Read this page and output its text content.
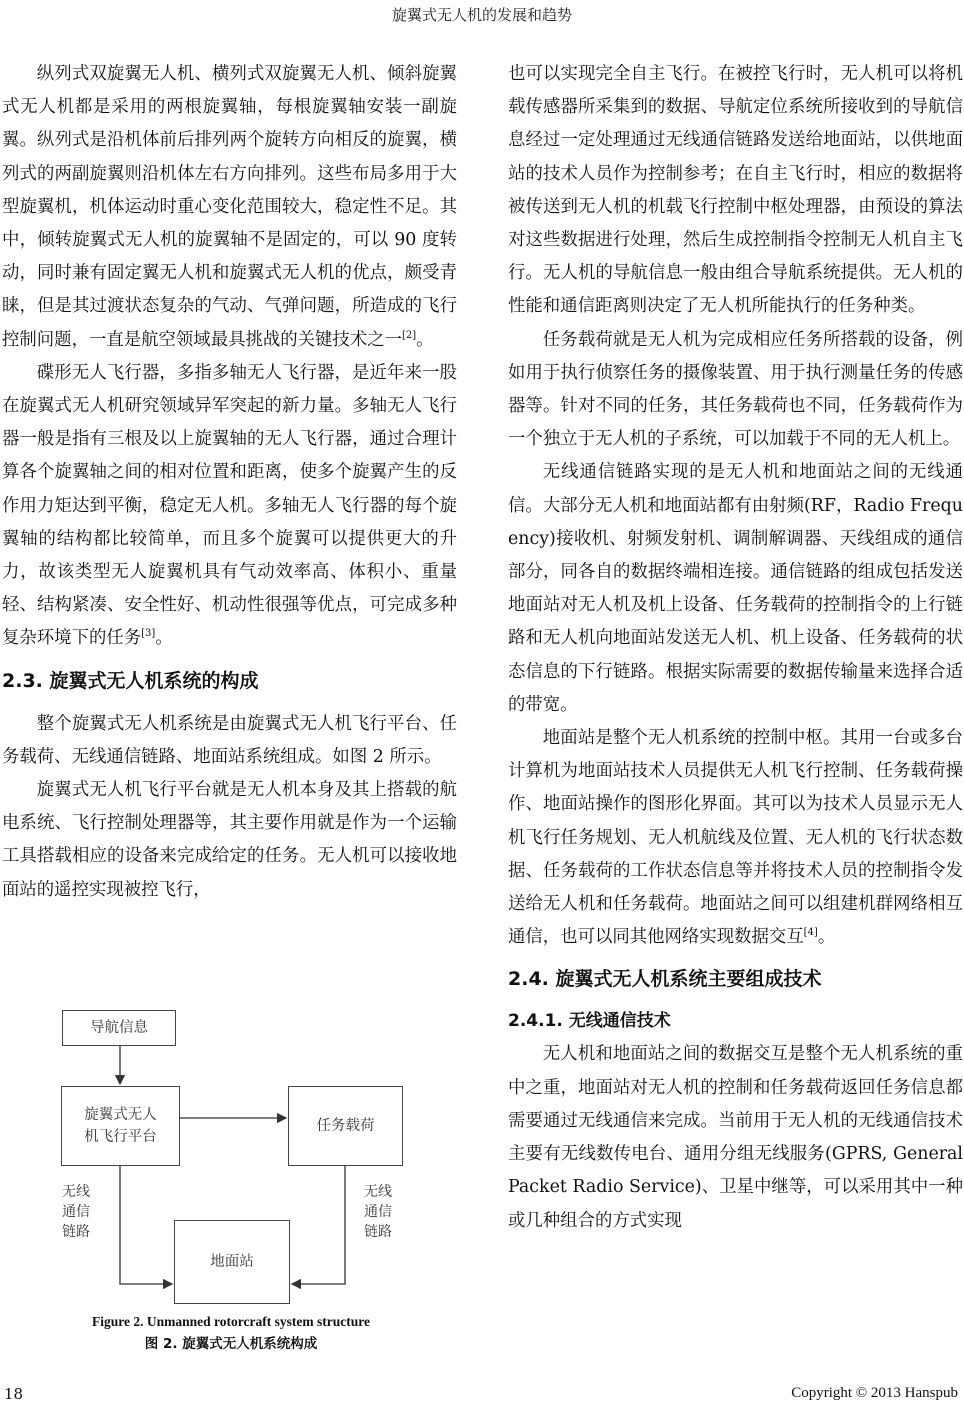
旋翼式无人机的发展和趋势

纵列式双旋翼无人机、横列式双旋翼无人机、倾斜旋翼式无人机都是采用的两根旋翼轴，每根旋翼轴安装一副旋翼。纵列式是沿机体前后排列两个旋转方向相反的旋翼，横列式的两副旋翼则沿机体左右方向排列。这些布局多用于大型旋翼机，机体运动时重心变化范围较大，稳定性不足。其中，倾转旋翼式无人机的旋翼轴不是固定的，可以 90 度转动，同时兼有固定翼无人机和旋翼式无人机的优点，颇受青睐，但是其过渡状态复杂的气动、气弹问题，所造成的飞行控制问题，一直是航空领域最具挑战的关键技术之一[2]。

碟形无人飞行器，多指多轴无人飞行器，是近年来一股在旋翼式无人机研究领域异军突起的新力量。多轴无人飞行器一般是指有三根及以上旋翼轴的无人飞行器，通过合理计算各个旋翼轴之间的相对位置和距离，使多个旋翼产生的反作用力矩达到平衡，稳定无人机。多轴无人飞行器的每个旋翼轴的结构都比较简单，而且多个旋翼可以提供更大的升力，故该类型无人旋翼机具有气动效率高、体积小、重量轻、结构紧凑、安全性好、机动性很强等优点，可完成多种复杂环境下的任务[3]。

2.3. 旋翼式无人机系统的构成

整个旋翼式无人机系统是由旋翼式无人机飞行平台、任务载荷、无线通信链路、地面站系统组成。如图 2 所示。

旋翼式无人机飞行平台就是无人机本身及其上搭载的航电系统、飞行控制处理器等，其主要作用就是作为一个运输工具搭载相应的设备来完成给定的任务。无人机可以接收地面站的遥控实现被控飞行，

导航信息
旋翼式无人
机飞行平台
任务载荷
地面站
无线
通信
链路
无线
通信
链路
Figure 2. Unmanned rotorcraft system structure
图 2. 旋翼式无人机系统构成

也可以实现完全自主飞行。在被控飞行时，无人机可以将机载传感器所采集到的数据、导航定位系统所接收到的导航信息经过一定处理通过无线通信链路发送给地面站，以供地面站的技术人员作为控制参考；在自主飞行时，相应的数据将被传送到无人机的机载飞行控制中枢处理器，由预设的算法对这些数据进行处理，然后生成控制指令控制无人机自主飞行。无人机的导航信息一般由组合导航系统提供。无人机的性能和通信距离则决定了无人机所能执行的任务种类。

任务载荷就是无人机为完成相应任务所搭载的设备，例如用于执行侦察任务的摄像装置、用于执行测量任务的传感器等。针对不同的任务，其任务载荷也不同，任务载荷作为一个独立于无人机的子系统，可以加载于不同的无人机上。

无线通信链路实现的是无人机和地面站之间的无线通信。大部分无人机和地面站都有由射频(RF，Radio Frequency)接收机、射频发射机、调制解调器、天线组成的通信部分，同各自的数据终端相连接。通信链路的组成包括发送地面站对无人机及机上设备、任务载荷的控制指令的上行链路和无人机向地面站发送无人机、机上设备、任务载荷的状态信息的下行链路。根据实际需要的数据传输量来选择合适的带宽。

地面站是整个无人机系统的控制中枢。其用一台或多台计算机为地面站技术人员提供无人机飞行控制、任务载荷操作、地面站操作的图形化界面。其可以为技术人员显示无人机飞行任务规划、无人机航线及位置、无人机的飞行状态数据、任务载荷的工作状态信息等并将技术人员的控制指令发送给无人机和任务载荷。地面站之间可以组建机群网络相互通信，也可以同其他网络实现数据交互[4]。

2.4. 旋翼式无人机系统主要组成技术
2.4.1. 无线通信技术

无人机和地面站之间的数据交互是整个无人机系统的重中之重，地面站对无人机的控制和任务载荷返回任务信息都需要通过无线通信来完成。当前用于无人机的无线通信技术主要有无线数传电台、通用分组无线服务(GPRS, General Packet Radio Service)、卫星中继等，可以采用其中一种或几种组合的方式实现

18	Copyright © 2013 Hanspub
